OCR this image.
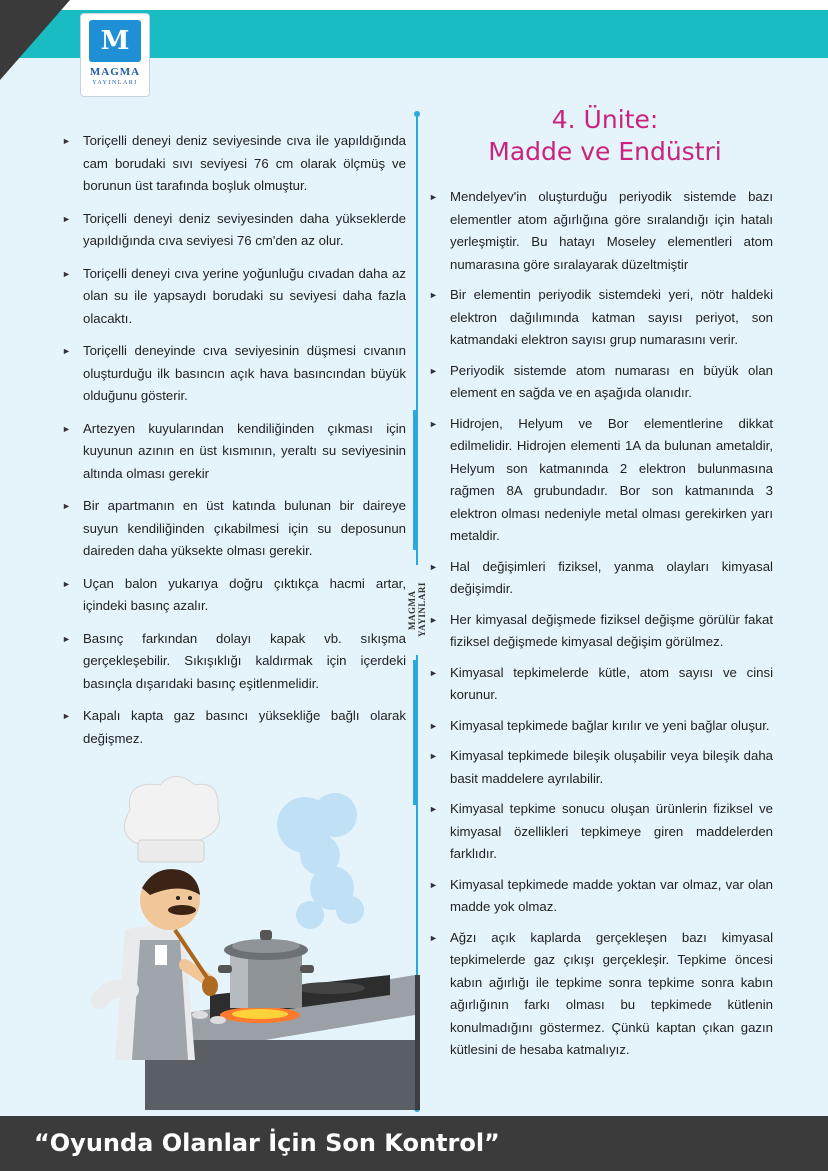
M
MAGMA
YAYINLARI
4. Ünite:
Madde ve Endüstri
MAGMA YAYINLARI
► Toriçelli deneyi deniz seviyesinde cıva ile yapıldığında cam borudaki sıvı seviyesi 76 cm olarak ölçmüş ve borunun üst tarafında boşluk olmuştur.
► Toriçelli deneyi deniz seviyesinden daha yükseklerde yapıldığında cıva seviyesi 76 cm'den az olur.
► Toriçelli deneyi cıva yerine yoğunluğu cıvadan daha az olan su ile yapsaydı borudaki su seviyesi daha fazla olacaktı.
► Toriçelli deneyinde cıva seviyesinin düşmesi cıvanın oluşturduğu ilk basıncın açık hava basıncından büyük olduğunu gösterir.
► Artezyen kuyularından kendiliğinden çıkması için kuyunun azının en üst kısmının, yeraltı su seviyesinin altında olması gerekir
► Bir apartmanın en üst katında bulunan bir daireye suyun kendiliğinden çıkabilmesi için su deposunun daireden daha yüksekte olması gerekir.
► Uçan balon yukarıya doğru çıktıkça hacmi artar, içindeki basınç azalır.
► Basınç farkından dolayı kapak vb. sıkışma gerçekleşebilir. Sıkışıklığı kaldırmak için içerdeki basınçla dışarıdaki basınç eşitlenmelidir.
► Kapalı kapta gaz basıncı yüksekliğe bağlı olarak değişmez.
► Mendelyev'in oluşturduğu periyodik sistemde bazı elementler atom ağırlığına göre sıralandığı için hatalı yerleşmiştir. Bu hatayı Moseley elementleri atom numarasına göre sıralayarak düzeltmiştir
► Bir elementin periyodik sistemdeki yeri, nötr haldeki elektron dağılımında katman sayısı periyot, son katmandaki elektron sayısı grup numarasını verir.
► Periyodik sistemde atom numarası en büyük olan element en sağda ve en aşağıda olanıdır.
► Hidrojen, Helyum ve Bor elementlerine dikkat edilmelidir. Hidrojen elementi 1A da bulunan ametaldir, Helyum son katmanında 2 elektron bulunmasına rağmen 8A grubundadır. Bor son katmanında 3 elektron olması nedeniyle metal olması gerekirken yarı metaldir.
► Hal değişimleri fiziksel, yanma olayları kimyasal değişimdir.
► Her kimyasal değişmede fiziksel değişme görülür fakat fiziksel değişmede kimyasal değişim görülmez.
► Kimyasal tepkimelerde kütle, atom sayısı ve cinsi korunur.
► Kimyasal tepkimede bağlar kırılır ve yeni bağlar oluşur.
► Kimyasal tepkimede bileşik oluşabilir veya bileşik daha basit maddelere ayrılabilir.
► Kimyasal tepkime sonucu oluşan ürünlerin fiziksel ve kimyasal özellikleri tepkimeye giren maddelerden farklıdır.
► Kimyasal tepkimede madde yoktan var olmaz, var olan madde yok olmaz.
► Ağzı açık kaplarda gerçekleşen bazı kimyasal tepkimelerde gaz çıkışı gerçekleşir. Tepkime öncesi kabın ağırlığı ile tepkime sonra tepkime sonra kabın ağırlığının farkı olması bu tepkimede kütlenin konulmadığını göstermez. Çünkü kaptan çıkan gazın kütlesini de hesaba katmalıyız.
“Oyunda Olanlar İçin Son Kontrol”
